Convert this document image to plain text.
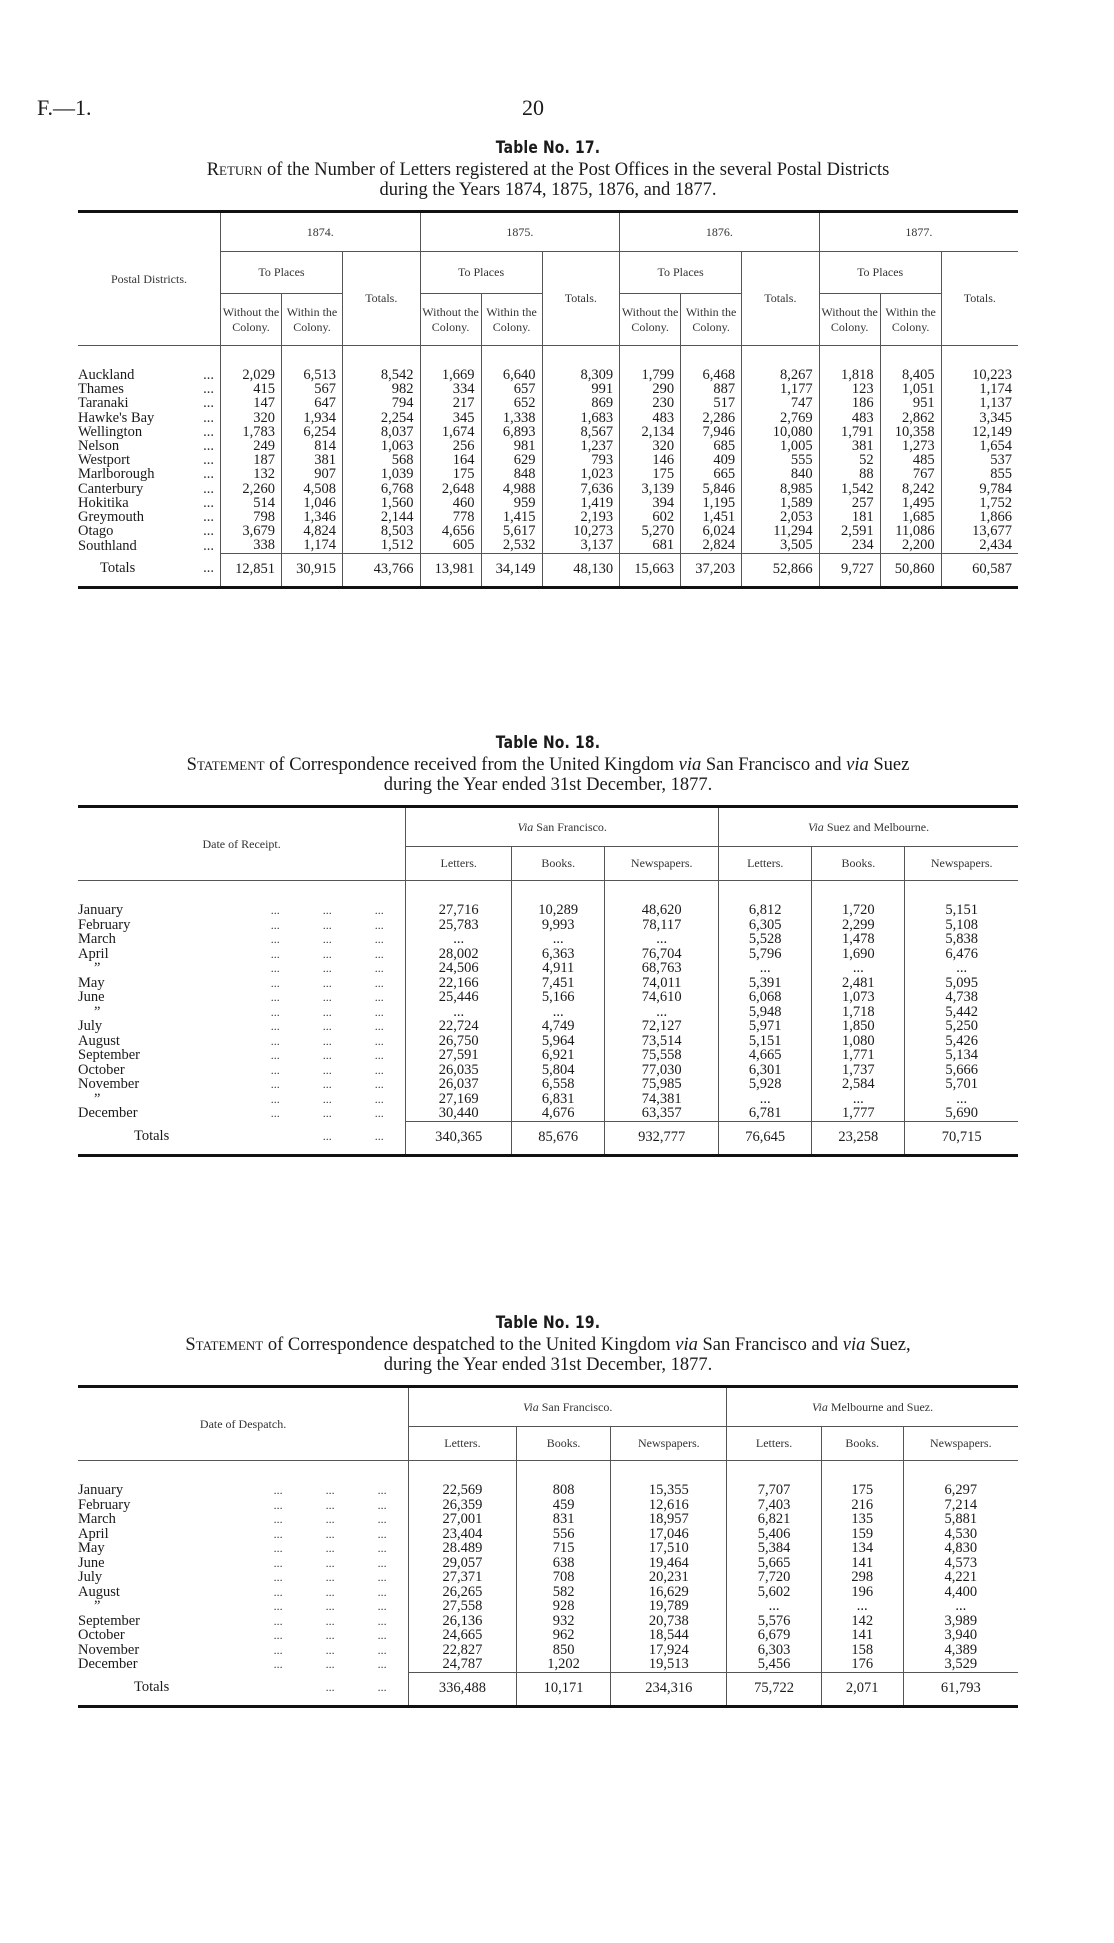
F.—1.	20
Table No. 17.
Return of the Number of Letters registered at the Post Offices in the several Postal Districts
during the Years 1874, 1875, 1876, and 1877.
Postal Districts.	1874.			1875.			1876.			1877.		
	To Places		Totals.	To Places		Totals.	To Places		Totals.	To Places		Totals.
	Without the Colony.	Within the Colony.		Without the Colony.	Within the Colony.		Without the Colony.	Within the Colony.		Without the Colony.	Within the Colony.	

Auckland ...	2,029	6,513	8,542	1,669	6,640	8,309	1,799	6,468	8,267	1,818	8,405	10,223
Thames ...	415	567	982	334	657	991	290	887	1,177	123	1,051	1,174
Taranaki ...	147	647	794	217	652	869	230	517	747	186	951	1,137
Hawke's Bay ...	320	1,934	2,254	345	1,338	1,683	483	2,286	2,769	483	2,862	3,345
Wellington ...	1,783	6,254	8,037	1,674	6,893	8,567	2,134	7,946	10,080	1,791	10,358	12,149
Nelson ...	249	814	1,063	256	981	1,237	320	685	1,005	381	1,273	1,654
Westport ...	187	381	568	164	629	793	146	409	555	52	485	537
Marlborough ...	132	907	1,039	175	848	1,023	175	665	840	88	767	855
Canterbury ...	2,260	4,508	6,768	2,648	4,988	7,636	3,139	5,846	8,985	1,542	8,242	9,784
Hokitika ...	514	1,046	1,560	460	959	1,419	394	1,195	1,589	257	1,495	1,752
Greymouth ...	798	1,346	2,144	778	1,415	2,193	602	1,451	2,053	181	1,685	1,866
Otago ...	3,679	4,824	8,503	4,656	5,617	10,273	5,270	6,024	11,294	2,591	11,086	13,677
Southland ...	338	1,174	1,512	605	2,532	3,137	681	2,824	3,505	234	2,200	2,434
Totals ...	12,851	30,915	43,766	13,981	34,149	48,130	15,663	37,203	52,866	9,727	50,860	60,587
Table No. 18.
Statement of Correspondence received from the United Kingdom via San Francisco and via Suez
during the Year ended 31st December, 1877.
Date of Receipt.				Via San Francisco.			Via Suez and Melbourne.		
				Letters.	Books.	Newspapers.	Letters.	Books.	Newspapers.

January	...	...	...	27,716	10,289	48,620	6,812	1,720	5,151
February	...	...	...	25,783	9,993	78,117	6,305	2,299	5,108
March	...	...	...	...	...	...	5,528	1,478	5,838
April	...	...	...	28,002	6,363	76,704	5,796	1,690	6,476
”	...	...	...	24,506	4,911	68,763	...	...	...
May	...	...	...	22,166	7,451	74,011	5,391	2,481	5,095
June	...	...	...	25,446	5,166	74,610	6,068	1,073	4,738
”	...	...	...	...	...	...	5,948	1,718	5,442
July	...	...	...	22,724	4,749	72,127	5,971	1,850	5,250
August	...	...	...	26,750	5,964	73,514	5,151	1,080	5,426
September	...	...	...	27,591	6,921	75,558	4,665	1,771	5,134
October	...	...	...	26,035	5,804	77,030	6,301	1,737	5,666
November	...	...	...	26,037	6,558	75,985	5,928	2,584	5,701
”	...	...	...	27,169	6,831	74,381	...	...	...
December	...	...	...	30,440	4,676	63,357	6,781	1,777	5,690
Totals		...	...	340,365	85,676	932,777	76,645	23,258	70,715
Table No. 19.
Statement of Correspondence despatched to the United Kingdom via San Francisco and via Suez,
during the Year ended 31st December, 1877.
Date of Despatch.				Via San Francisco.			Via Melbourne and Suez.		
				Letters.	Books.	Newspapers.	Letters.	Books.	Newspapers.

January	...	...	...	22,569	808	15,355	7,707	175	6,297
February	...	...	...	26,359	459	12,616	7,403	216	7,214
March	...	...	...	27,001	831	18,957	6,821	135	5,881
April	...	...	...	23,404	556	17,046	5,406	159	4,530
May	...	...	...	28.489	715	17,510	5,384	134	4,830
June	...	...	...	29,057	638	19,464	5,665	141	4,573
July	...	...	...	27,371	708	20,231	7,720	298	4,221
August	...	...	...	26,265	582	16,629	5,602	196	4,400
”	...	...	...	27,558	928	19,789	...	...	...
September	...	...	...	26,136	932	20,738	5,576	142	3,989
October	...	...	...	24,665	962	18,544	6,679	141	3,940
November	...	...	...	22,827	850	17,924	6,303	158	4,389
December	...	...	...	24,787	1,202	19,513	5,456	176	3,529
Totals		...	...	336,488	10,171	234,316	75,722	2,071	61,793
